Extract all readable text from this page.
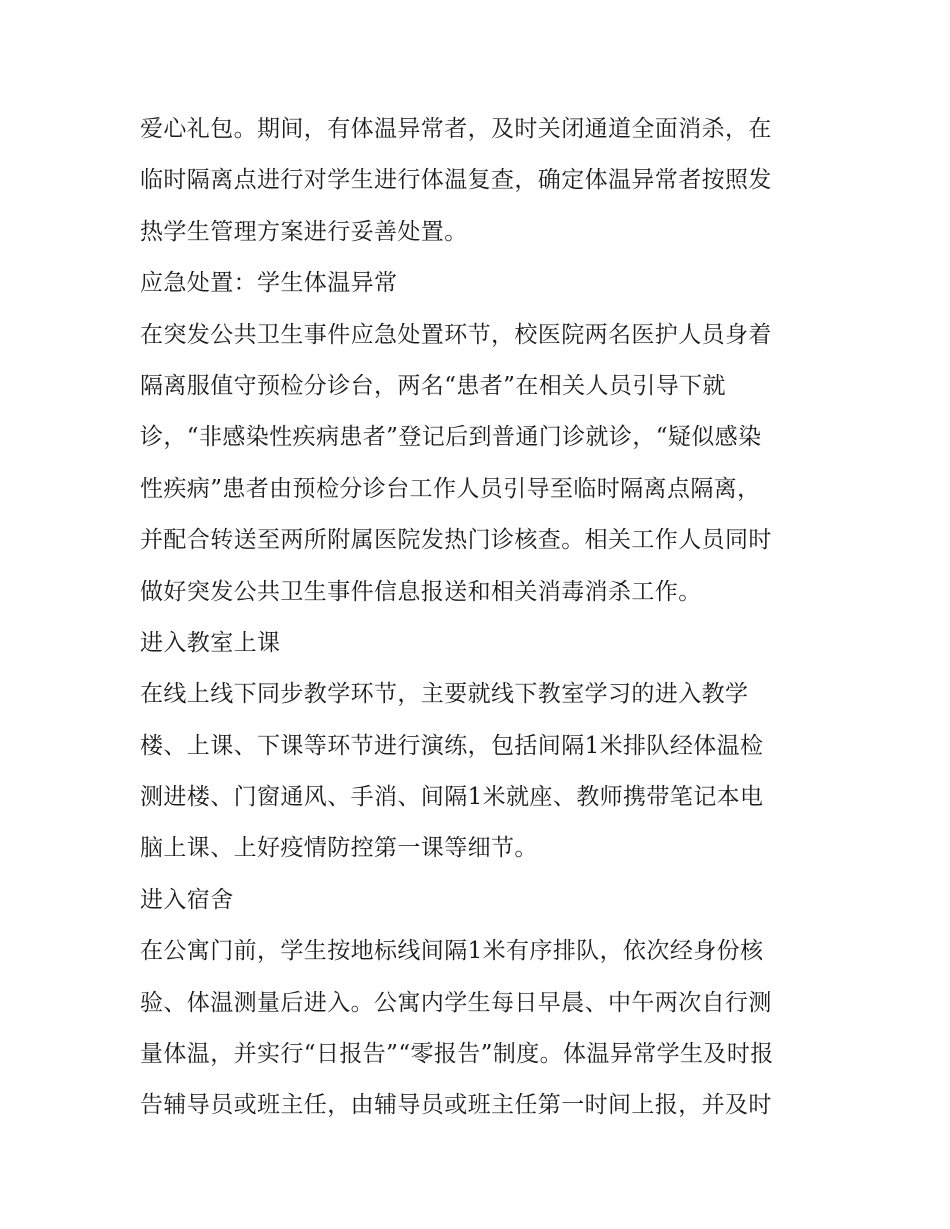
爱心礼包。期间，有体温异常者，及时关闭通道全面消杀，在

临时隔离点进行对学生进行体温复查，确定体温异常者按照发

热学生管理方案进行妥善处置。

应急处置：学生体温异常

在突发公共卫生事件应急处置环节，校医院两名医护人员身着

隔离服值守预检分诊台，两名“患者”在相关人员引导下就

诊，“非感染性疾病患者”登记后到普通门诊就诊，“疑似感染

性疾病”患者由预检分诊台工作人员引导至临时隔离点隔离，

并配合转送至两所附属医院发热门诊核查。相关工作人员同时

做好突发公共卫生事件信息报送和相关消毒消杀工作。

进入教室上课

在线上线下同步教学环节，主要就线下教室学习的进入教学

楼、上课、下课等环节进行演练，包括间隔1米排队经体温检

测进楼、门窗通风、手消、间隔1米就座、教师携带笔记本电

脑上课、上好疫情防控第一课等细节。

进入宿舍

在公寓门前，学生按地标线间隔1米有序排队，依次经身份核

验、体温测量后进入。公寓内学生每日早晨、中午两次自行测

量体温，并实行“日报告”“零报告”制度。体温异常学生及时报

告辅导员或班主任，由辅导员或班主任第一时间上报，并及时
